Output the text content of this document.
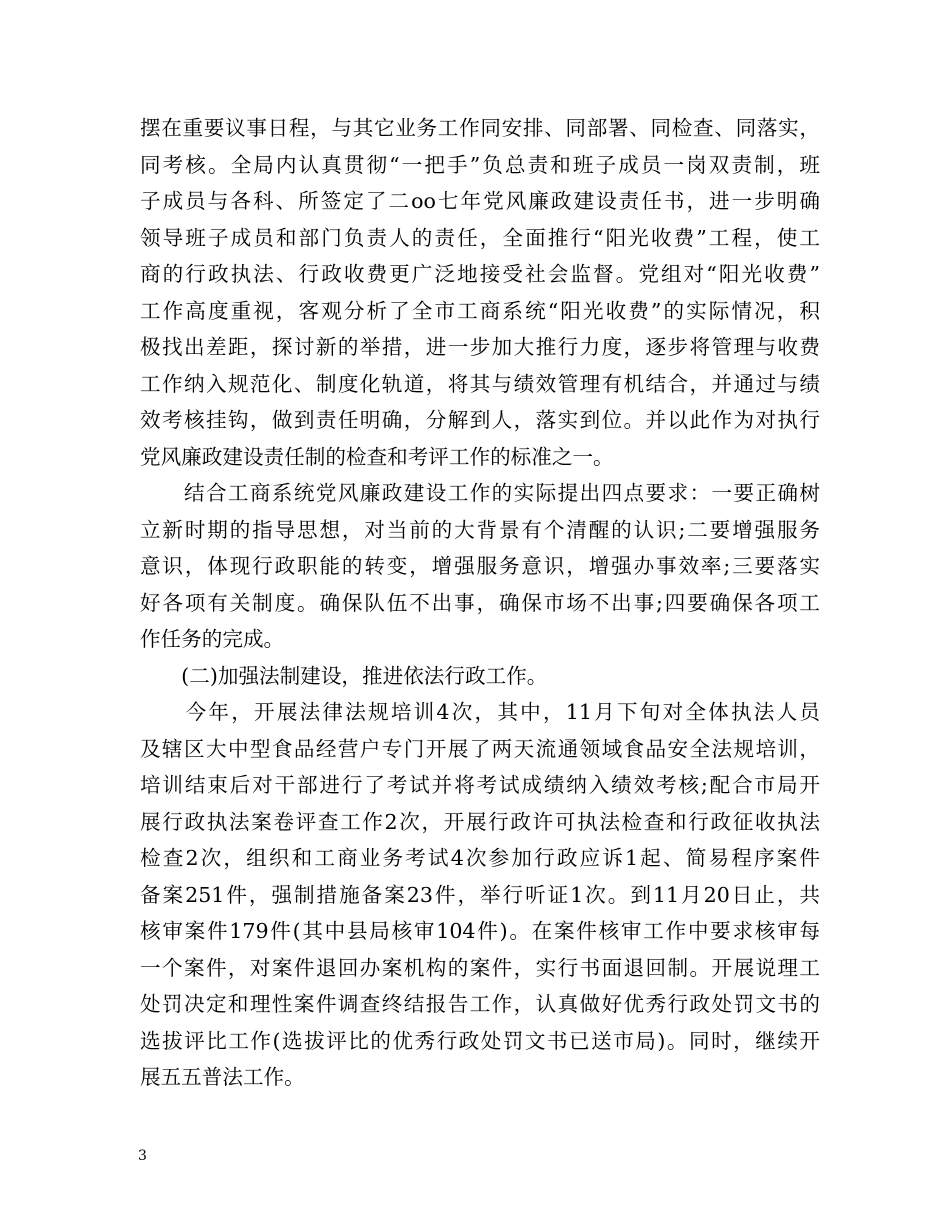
摆在重要议事日程，与其它业务工作同安排、同部署、同检查、同落实，
同考核。全局内认真贯彻“一把手”负总责和班子成员一岗双责制，班
子成员与各科、所签定了二oo七年党风廉政建设责任书，进一步明确
领导班子成员和部门负责人的责任，全面推行“阳光收费”工程，使工
商的行政执法、行政收费更广泛地接受社会监督。党组对“阳光收费”
工作高度重视，客观分析了全市工商系统“阳光收费”的实际情况，积
极找出差距，探讨新的举措，进一步加大推行力度，逐步将管理与收费
工作纳入规范化、制度化轨道，将其与绩效管理有机结合，并通过与绩
效考核挂钩，做到责任明确，分解到人，落实到位。并以此作为对执行
党风廉政建设责任制的检查和考评工作的标准之一。
　　结合工商系统党风廉政建设工作的实际提出四点要求：一要正确树
立新时期的指导思想，对当前的大背景有个清醒的认识;二要增强服务
意识，体现行政职能的转变，增强服务意识，增强办事效率;三要落实
好各项有关制度。确保队伍不出事，确保市场不出事;四要确保各项工
作任务的完成。
　　(二)加强法制建设，推进依法行政工作。
　　今年，开展法律法规培训4次，其中，11月下旬对全体执法人员
及辖区大中型食品经营户专门开展了两天流通领域食品安全法规培训，
培训结束后对干部进行了考试并将考试成绩纳入绩效考核;配合市局开
展行政执法案卷评查工作2次，开展行政许可执法检查和行政征收执法
检查2次，组织和工商业务考试4次参加行政应诉1起、简易程序案件
备案251件，强制措施备案23件，举行听证1次。到11月20日止，共
核审案件179件(其中县局核审104件)。在案件核审工作中要求核审每
一个案件，对案件退回办案机构的案件，实行书面退回制。开展说理工
处罚决定和理性案件调查终结报告工作，认真做好优秀行政处罚文书的
选拔评比工作(选拔评比的优秀行政处罚文书已送市局)。同时，继续开
展五五普法工作。
3
